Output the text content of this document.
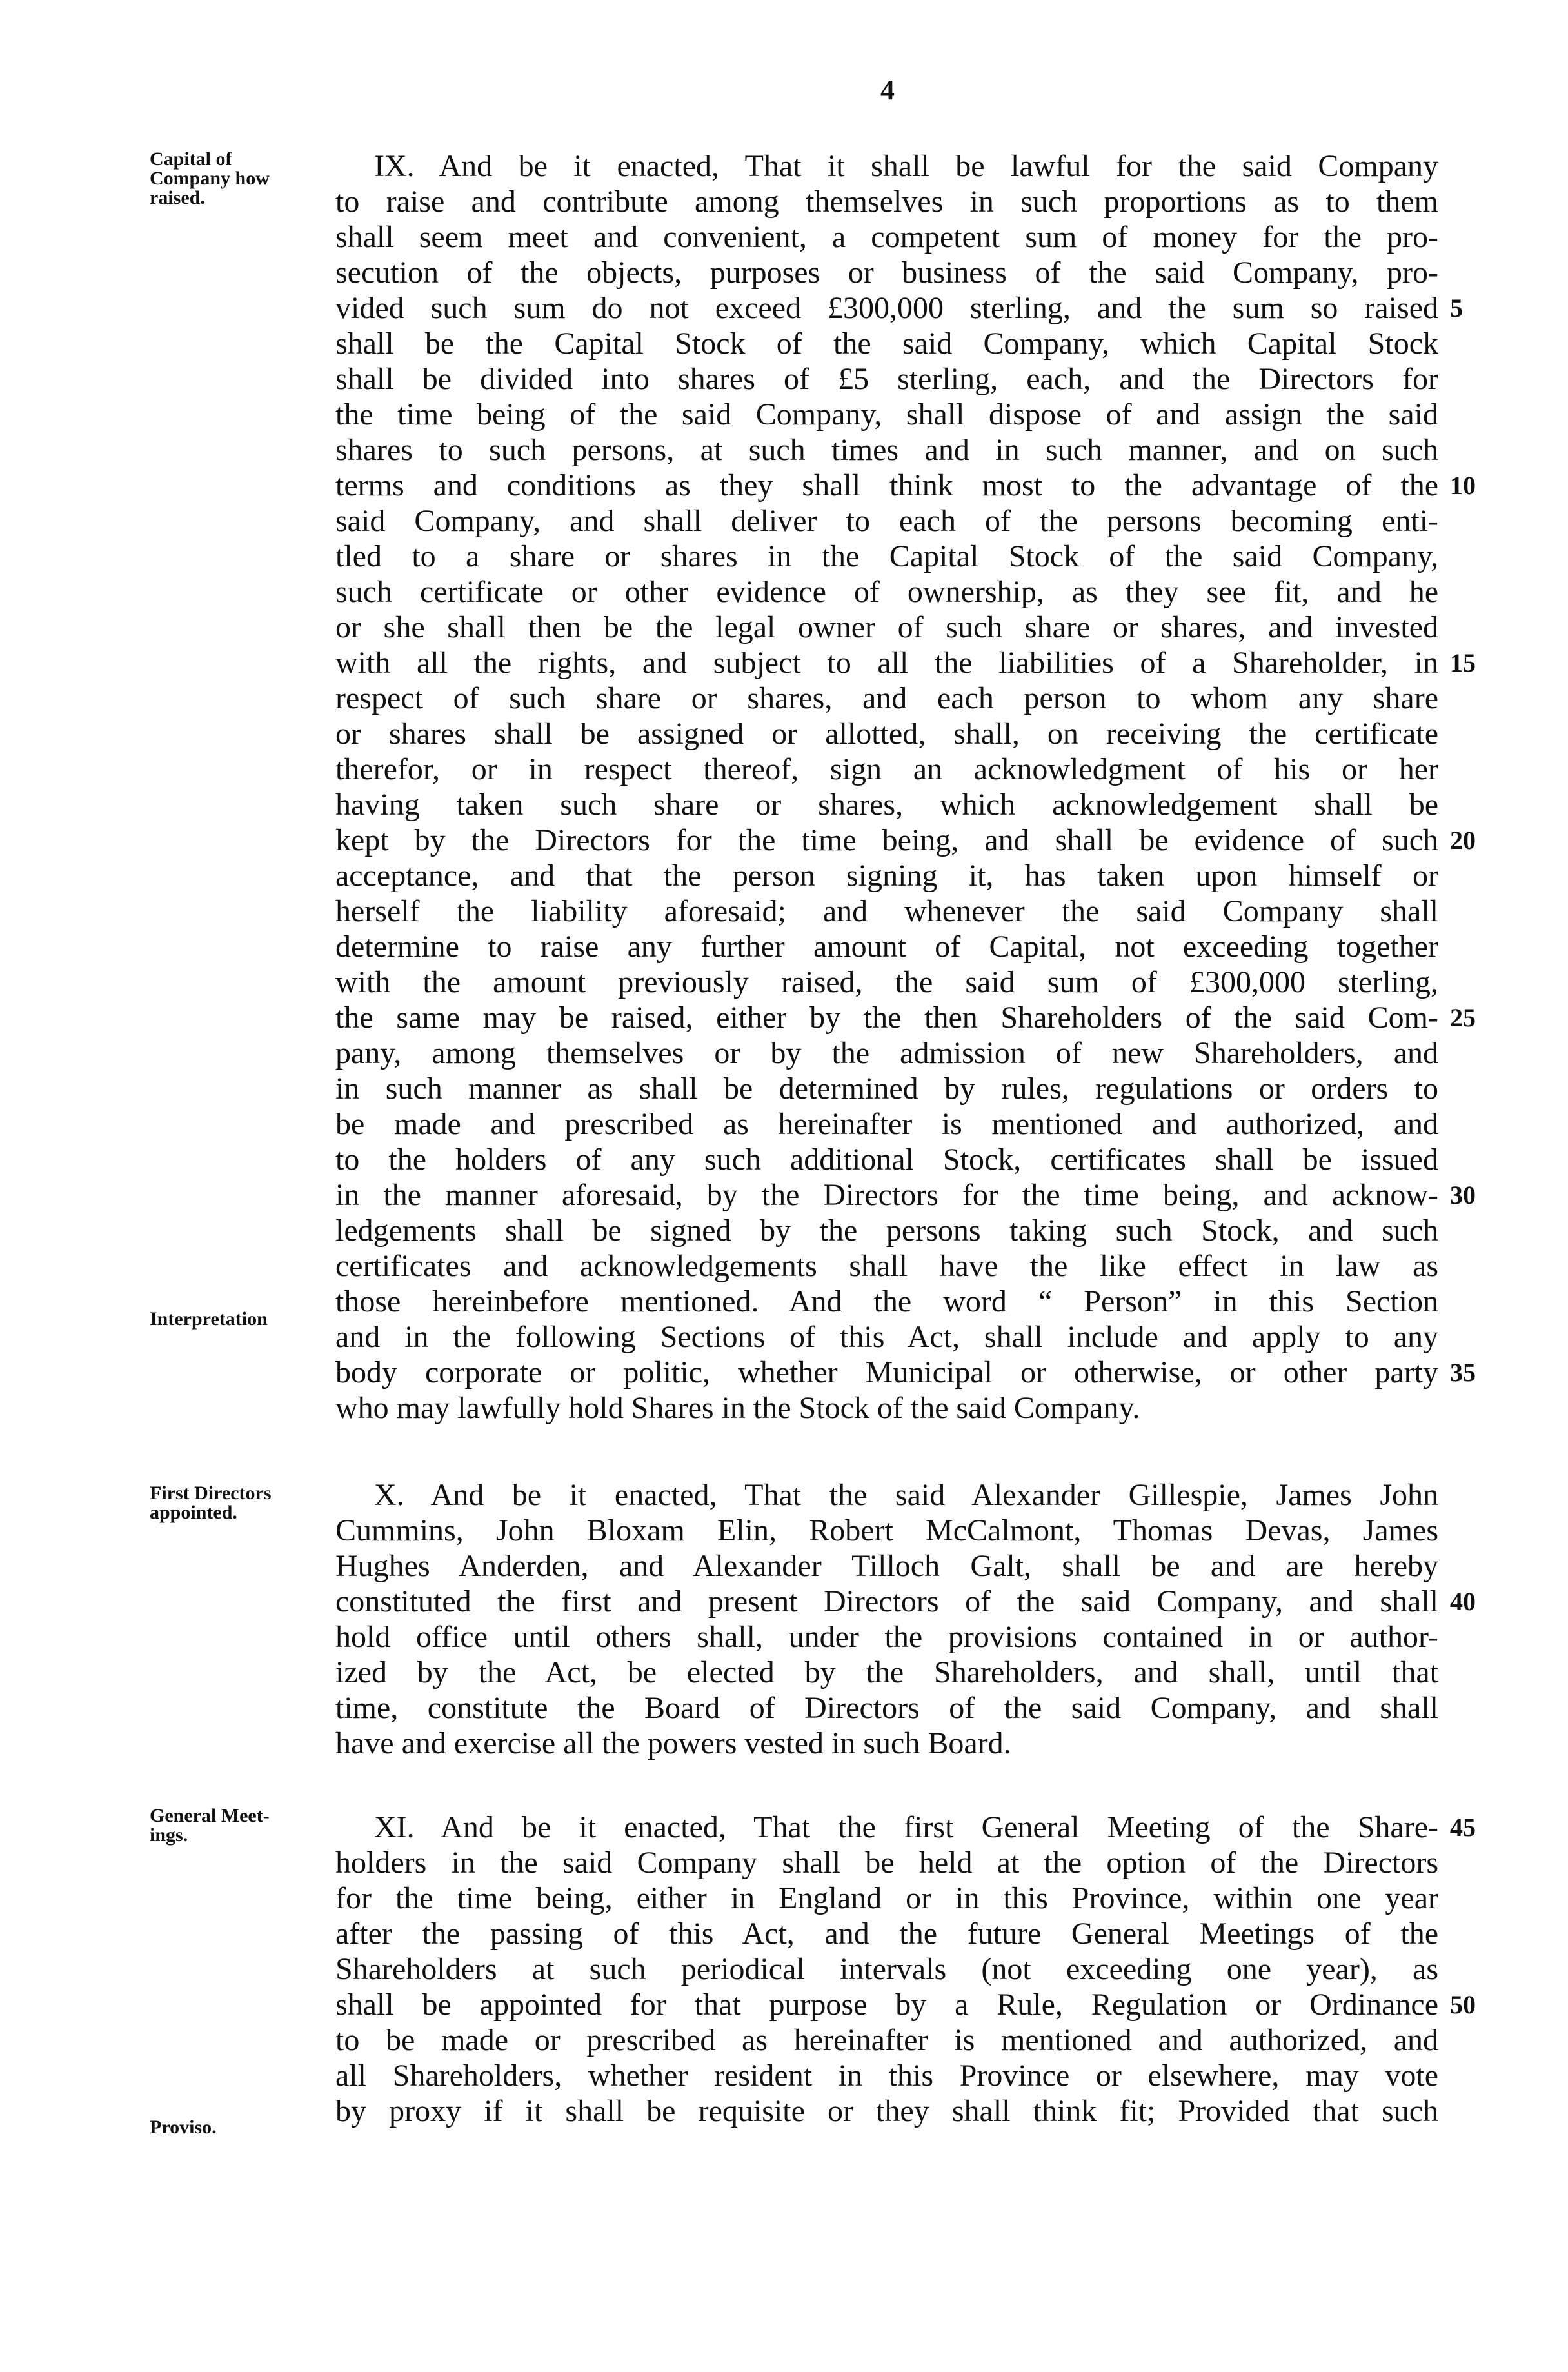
4
Capital of
Company how
raised.
Interpretation
First Directors
appointed.
General Meet-
ings.
Proviso.
IX. And be it enacted, That it shall be lawful for the said Company
to raise and contribute among themselves in such proportions as to them
shall seem meet and convenient, a competent sum of money for the pro-
secution of the objects, purposes or business of the said Company, pro-
vided such sum do not exceed £300,000 sterling, and the sum so raised
shall be the Capital Stock of the said Company, which Capital Stock
shall be divided into shares of £5 sterling, each, and the Directors for
the time being of the said Company, shall dispose of and assign the said
shares to such persons, at such times and in such manner, and on such
terms and conditions as they shall think most to the advantage of the
said Company, and shall deliver to each of the persons becoming enti-
tled to a share or shares in the Capital Stock of the said Company,
such certificate or other evidence of ownership, as they see fit, and he
or she shall then be the legal owner of such share or shares, and invested
with all the rights, and subject to all the liabilities of a Shareholder, in
respect of such share or shares, and each person to whom any share
or shares shall be assigned or allotted, shall, on receiving the certificate
therefor, or in respect thereof, sign an acknowledgment of his or her
having taken such share or shares, which acknowledgement shall be
kept by the Directors for the time being, and shall be evidence of such
acceptance, and that the person signing it, has taken upon himself or
herself the liability aforesaid; and whenever the said Company shall
determine to raise any further amount of Capital, not exceeding together
with the amount previously raised, the said sum of £300,000 sterling,
the same may be raised, either by the then Shareholders of the said Com-
pany, among themselves or by the admission of new Shareholders, and
in such manner as shall be determined by rules, regulations or orders to
be made and prescribed as hereinafter is mentioned and authorized, and
to the holders of any such additional Stock, certificates shall be issued
in the manner aforesaid, by the Directors for the time being, and acknow-
ledgements shall be signed by the persons taking such Stock, and such
certificates and acknowledgements shall have the like effect in law as
those hereinbefore mentioned. And the word “ Person” in this Section
and in the following Sections of this Act, shall include and apply to any
body corporate or politic, whether Municipal or otherwise, or other party
who may lawfully hold Shares in the Stock of the said Company.
X. And be it enacted, That the said Alexander Gillespie, James John
Cummins, John Bloxam Elin, Robert McCalmont, Thomas Devas, James
Hughes Anderden, and Alexander Tilloch Galt, shall be and are hereby
constituted the first and present Directors of the said Company, and shall
hold office until others shall, under the provisions contained in or author-
ized by the Act, be elected by the Shareholders, and shall, until that
time, constitute the Board of Directors of the said Company, and shall
have and exercise all the powers vested in such Board.
XI. And be it enacted, That the first General Meeting of the Share-
holders in the said Company shall be held at the option of the Directors
for the time being, either in England or in this Province, within one year
after the passing of this Act, and the future General Meetings of the
Shareholders at such periodical intervals (not exceeding one year), as
shall be appointed for that purpose by a Rule, Regulation or Ordinance
to be made or prescribed as hereinafter is mentioned and authorized, and
all Shareholders, whether resident in this Province or elsewhere, may vote
by proxy if it shall be requisite or they shall think fit; Provided that such
5
10
15
20
25
30
35
40
45
50
